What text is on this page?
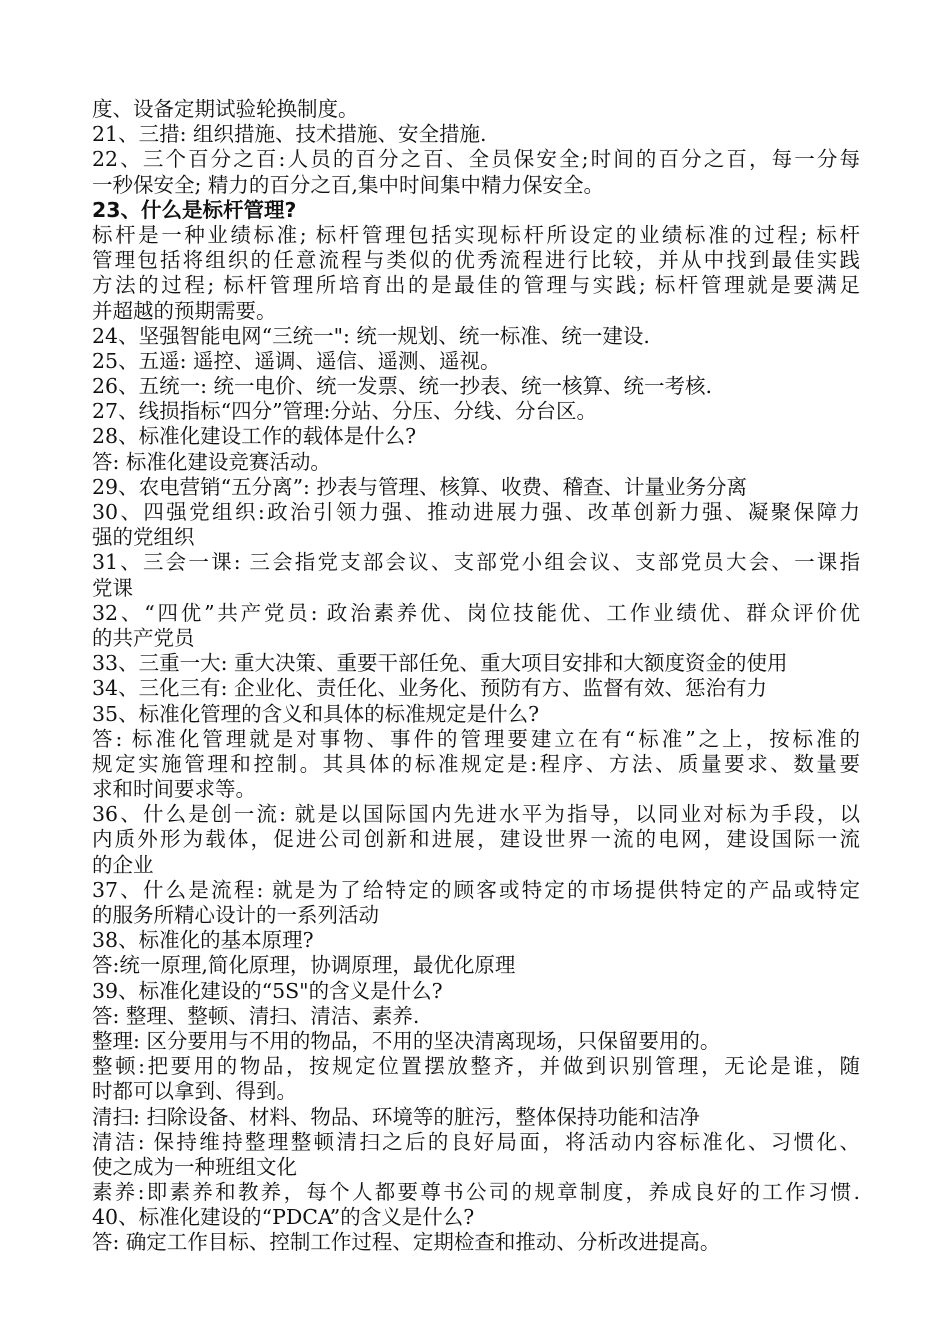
度、设备定期试验轮换制度。
21、三措: 组织措施、技术措施、安全措施.
22、三个百分之百:人员的百分之百、全员保安全;时间的百分之百，每一分每
一秒保安全; 精力的百分之百,集中时间集中精力保安全。
23、什么是标杆管理?
标杆是一种业绩标准; 标杆管理包括实现标杆所设定的业绩标准的过程; 标杆
管理包括将组织的任意流程与类似的优秀流程进行比较，并从中找到最佳实践
方法的过程; 标杆管理所培育出的是最佳的管理与实践; 标杆管理就是要满足
并超越的预期需要。
24、坚强智能电网“三统一": 统一规划、统一标准、统一建设.
25、五遥: 遥控、遥调、遥信、遥测、遥视。
26、五统一: 统一电价、统一发票、统一抄表、统一核算、统一考核.
27、线损指标“四分”管理:分站、分压、分线、分台区。
28、标准化建设工作的载体是什么?
答: 标准化建设竞赛活动。
29、农电营销“五分离”: 抄表与管理、核算、收费、稽查、计量业务分离
30、四强党组织:政治引领力强、推动进展力强、改革创新力强、凝聚保障力
强的党组织
31、三会一课: 三会指党支部会议、支部党小组会议、支部党员大会、一课指
党课
32、“四优”共产党员: 政治素养优、岗位技能优、工作业绩优、群众评价优
的共产党员
33、三重一大: 重大决策、重要干部任免、重大项目安排和大额度资金的使用
34、三化三有: 企业化、责任化、业务化、预防有方、监督有效、惩治有力
35、标准化管理的含义和具体的标准规定是什么?
答: 标准化管理就是对事物、事件的管理要建立在有“标准”之上，按标准的
规定实施管理和控制。其具体的标准规定是:程序、方法、质量要求、数量要
求和时间要求等。
36、什么是创一流: 就是以国际国内先进水平为指导，以同业对标为手段，以
内质外形为载体，促进公司创新和进展，建设世界一流的电网，建设国际一流
的企业
37、什么是流程: 就是为了给特定的顾客或特定的市场提供特定的产品或特定
的服务所精心设计的一系列活动
38、标准化的基本原理?
答:统一原理,简化原理，协调原理，最优化原理
39、标准化建设的“5S"的含义是什么?
答: 整理、整顿、清扫、清洁、素养.
整理: 区分要用与不用的物品，不用的坚决清离现场，只保留要用的。
整顿:把要用的物品，按规定位置摆放整齐，并做到识别管理，无论是谁，随
时都可以拿到、得到。
清扫: 扫除设备、材料、物品、环境等的脏污，整体保持功能和洁净
清洁: 保持维持整理整顿清扫之后的良好局面，将活动内容标准化、习惯化、
使之成为一种班组文化
素养:即素养和教养，每个人都要尊书公司的规章制度，养成良好的工作习惯.
40、标准化建设的“PDCA”的含义是什么?
答: 确定工作目标、控制工作过程、定期检查和推动、分析改进提高。
